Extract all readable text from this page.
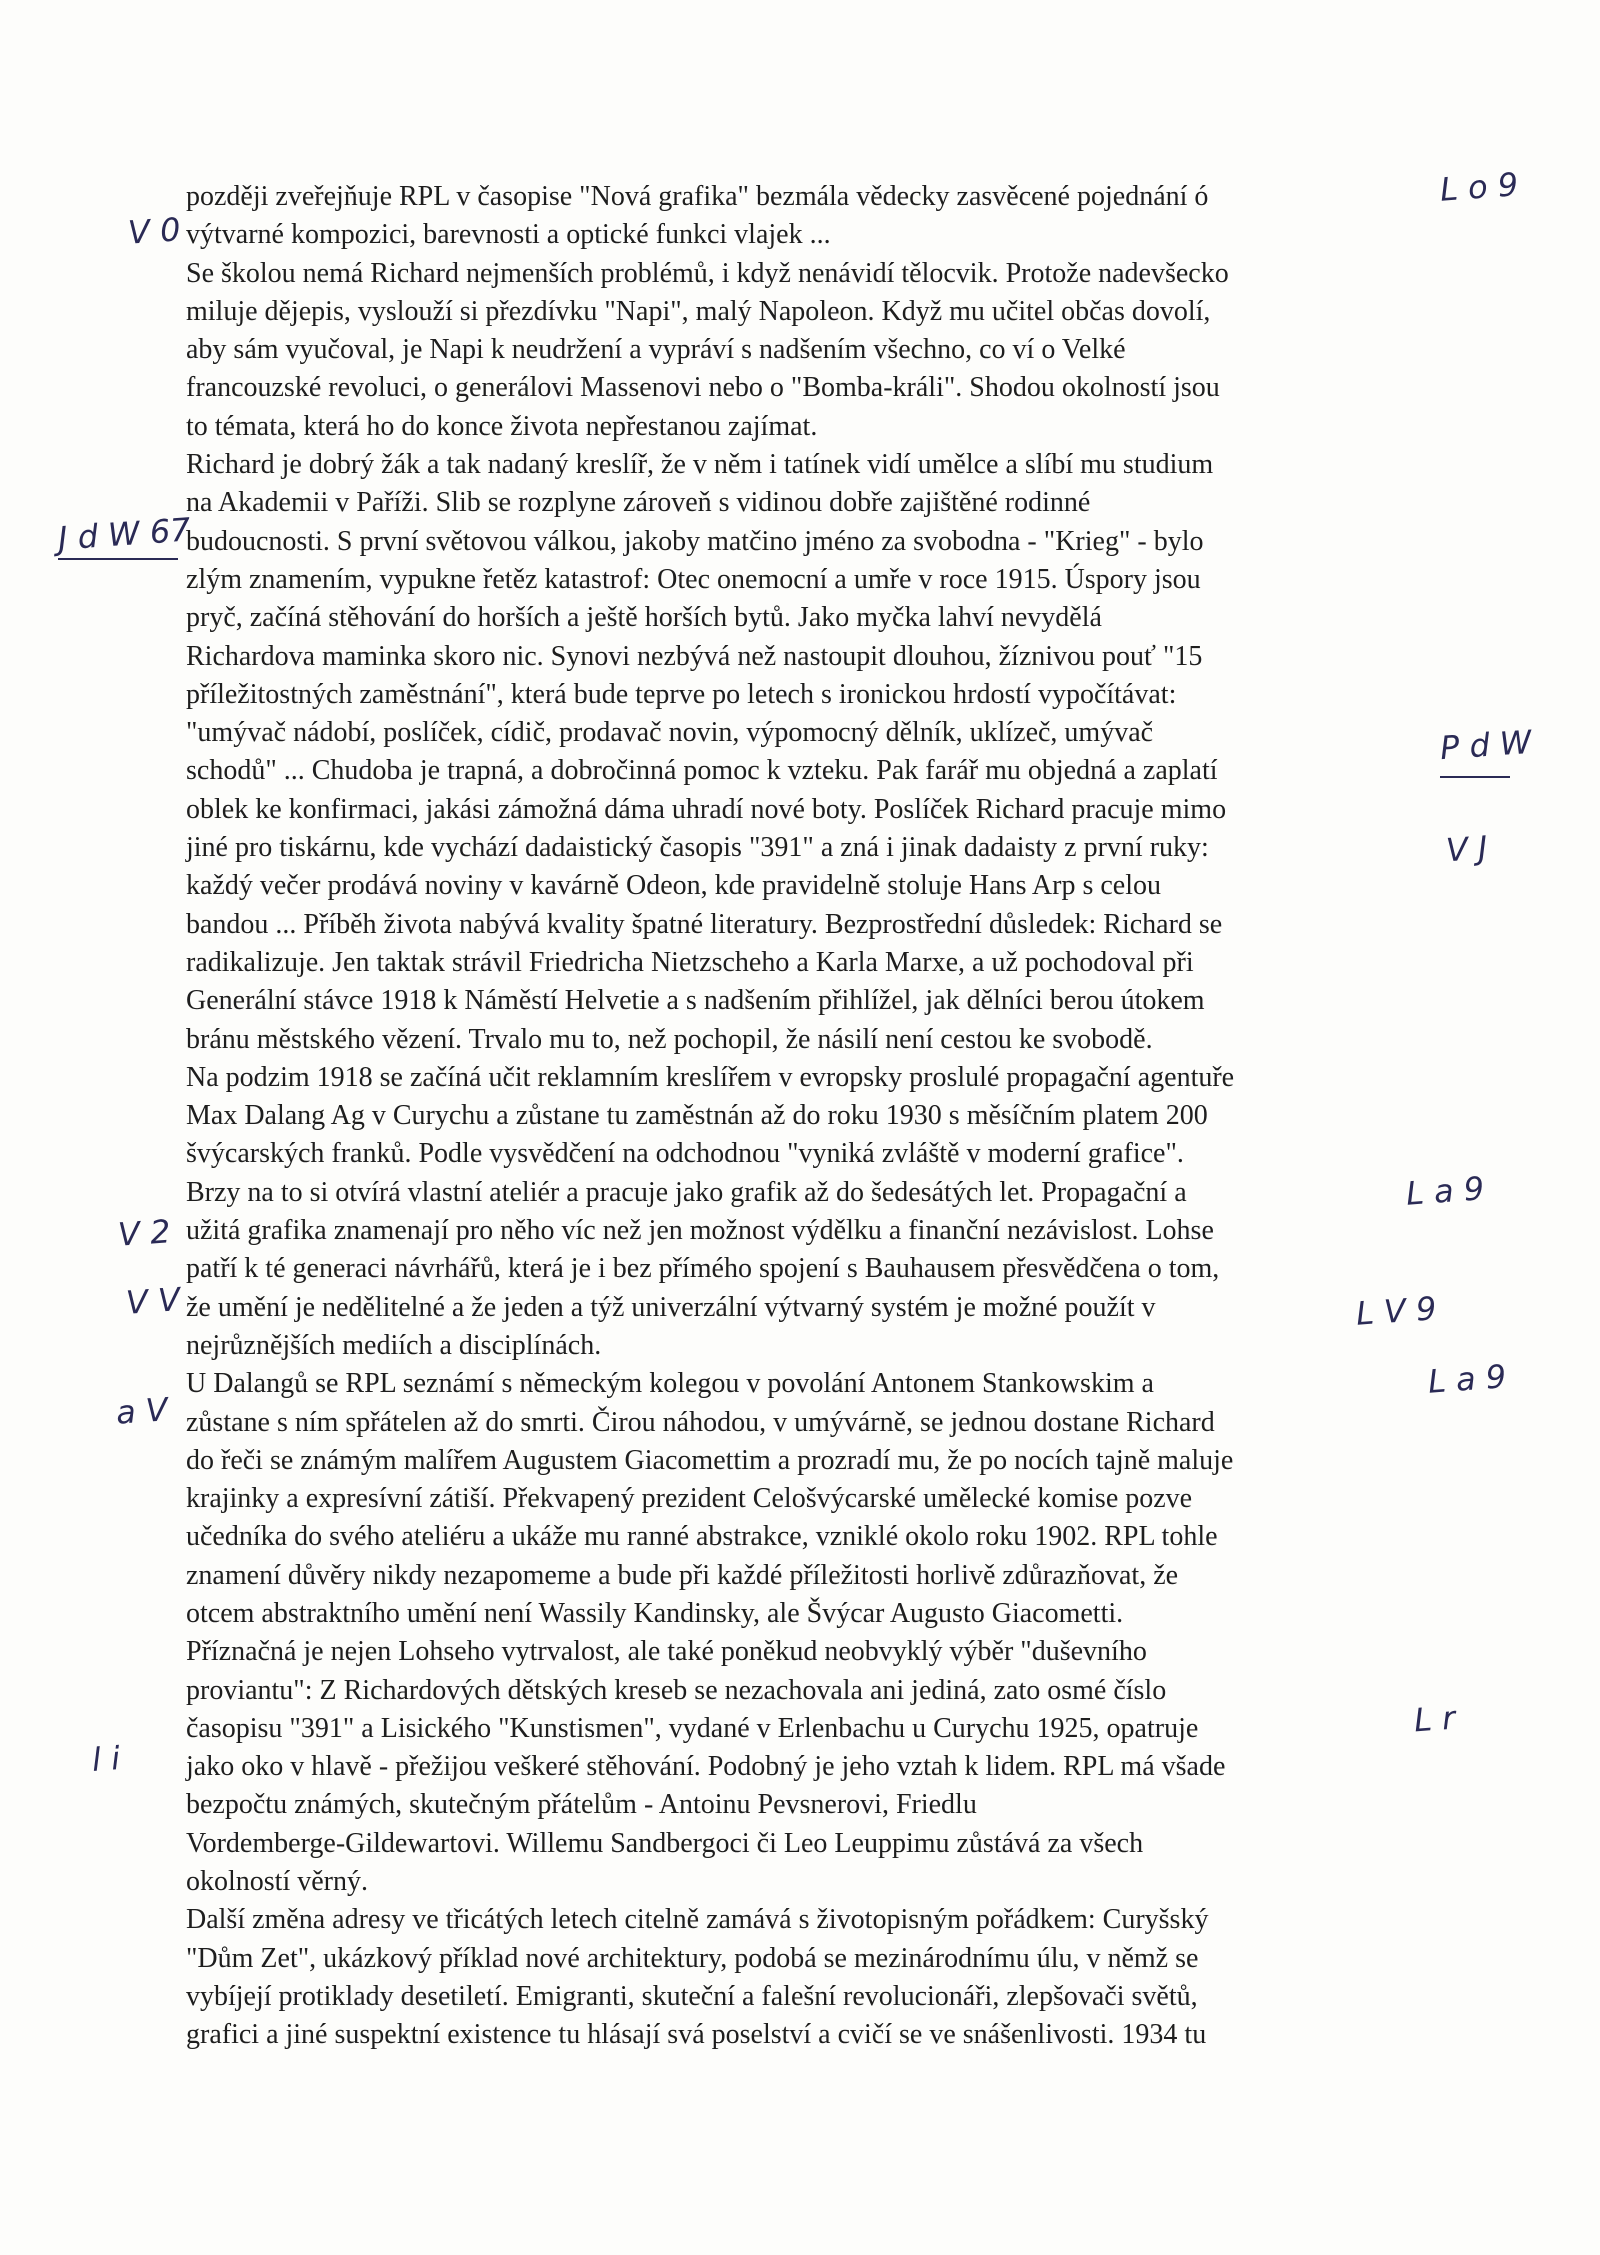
později zveřejňuje RPL v časopise "Nová grafika" bezmála vědecky zasvěcené pojednání ó
výtvarné kompozici, barevnosti a optické funkci vlajek ...
Se školou nemá Richard nejmenších problémů, i když nenávidí tělocvik. Protože nadevšecko
miluje dějepis, vyslouží si přezdívku "Napi", malý Napoleon. Když mu učitel občas dovolí,
aby sám vyučoval, je Napi k neudržení a vypráví s nadšením všechno, co ví o Velké
francouzské revoluci, o generálovi Massenovi nebo o "Bomba-králi". Shodou okolností jsou
to témata, která ho do konce života nepřestanou zajímat.
Richard je dobrý žák a tak nadaný kreslíř, že v něm i tatínek vidí umělce a slíbí mu studium
na Akademii v Paříži. Slib se rozplyne zároveň s vidinou dobře zajištěné rodinné
budoucnosti. S první světovou válkou, jakoby matčino jméno za svobodna - "Krieg" - bylo
zlým znamením, vypukne řetěz katastrof: Otec onemocní a umře v roce 1915. Úspory jsou
pryč, začíná stěhování do horších a ještě horších bytů. Jako myčka lahví nevydělá
Richardova maminka skoro nic. Synovi nezbývá než nastoupit dlouhou, žíznivou pouť "15
příležitostných zaměstnání", která bude teprve po letech s ironickou hrdostí vypočítávat:
"umývač nádobí, poslíček, cídič, prodavač novin, výpomocný dělník, uklízeč, umývač
schodů" ... Chudoba je trapná, a dobročinná pomoc k vzteku. Pak farář mu objedná a zaplatí
oblek ke konfirmaci, jakási zámožná dáma uhradí nové boty. Poslíček Richard pracuje mimo
jiné pro tiskárnu, kde vychází dadaistický časopis "391" a zná i jinak dadaisty z první ruky:
každý večer prodává noviny v kavárně Odeon, kde pravidelně stoluje Hans Arp s celou
bandou ... Příběh života nabývá kvality špatné literatury. Bezprostřední důsledek: Richard se
radikalizuje. Jen taktak strávil Friedricha Nietzscheho a Karla Marxe, a už pochodoval při
Generální stávce 1918 k Náměstí Helvetie a s nadšením přihlížel, jak dělníci berou útokem
bránu městského vězení. Trvalo mu to, než pochopil, že násilí není cestou ke svobodě.
Na podzim 1918 se začíná učit reklamním kreslířem v evropsky proslulé propagační agentuře
Max Dalang Ag v Curychu a zůstane tu zaměstnán až do roku 1930 s měsíčním platem 200
švýcarských franků. Podle vysvědčení na odchodnou "vyniká zvláště v moderní grafice".
Brzy na to si otvírá vlastní ateliér a pracuje jako grafik až do šedesátých let. Propagační a
užitá grafika znamenají pro něho víc než jen možnost výdělku a finanční nezávislost. Lohse
patří k té generaci návrhářů, která je i bez přímého spojení s Bauhausem přesvědčena o tom,
že umění je nedělitelné a že jeden a týž univerzální výtvarný systém je možné použít v
nejrůznějších mediích a disciplínách.
U Dalangů se RPL seznámí s německým kolegou v povolání Antonem Stankowskim a
zůstane s ním spřátelen až do smrti. Čirou náhodou, v umývárně, se jednou dostane Richard
do řeči se známým malířem Augustem Giacomettim a prozradí mu, že po nocích tajně maluje
krajinky a expresívní zátiší. Překvapený prezident Celošvýcarské umělecké komise pozve
učedníka do svého ateliéru a ukáže mu ranné abstrakce, vzniklé okolo roku 1902. RPL tohle
znamení důvěry nikdy nezapomeme a bude při každé příležitosti horlivě zdůrazňovat, že
otcem abstraktního umění není Wassily Kandinsky, ale Švýcar Augusto Giacometti.
Příznačná je nejen Lohseho vytrvalost, ale také poněkud neobvyklý výběr "duševního
proviantu": Z Richardových dětských kreseb se nezachovala ani jediná, zato osmé číslo
časopisu "391" a Lisického "Kunstismen", vydané v Erlenbachu u Curychu 1925, opatruje
jako oko v hlavě - přežijou veškeré stěhování. Podobný je jeho vztah k lidem. RPL má všade
bezpočtu známých, skutečným přátelům - Antoinu Pevsnerovi, Friedlu
Vordemberge-Gildewartovi. Willemu Sandbergoci či Leo Leuppimu zůstává za všech
okolností věrný.
Další změna adresy ve třicátých letech citelně zamává s životopisným pořádkem: Curyšský
"Dům Zet", ukázkový příklad nové architektury, podobá se mezinárodnímu úlu, v němž se
vybíjejí protiklady desetiletí. Emigranti, skuteční a falešní revolucionáři, zlepšovači světů,
grafici a jiné suspektní existence tu hlásají svá poselství a cvičí se ve snášenlivosti. 1934 tu
L o 9
V 0
J d W 67
P d W
V J
L a 9
V 2
V V	L V 9
L a 9
a V
L r
l i
